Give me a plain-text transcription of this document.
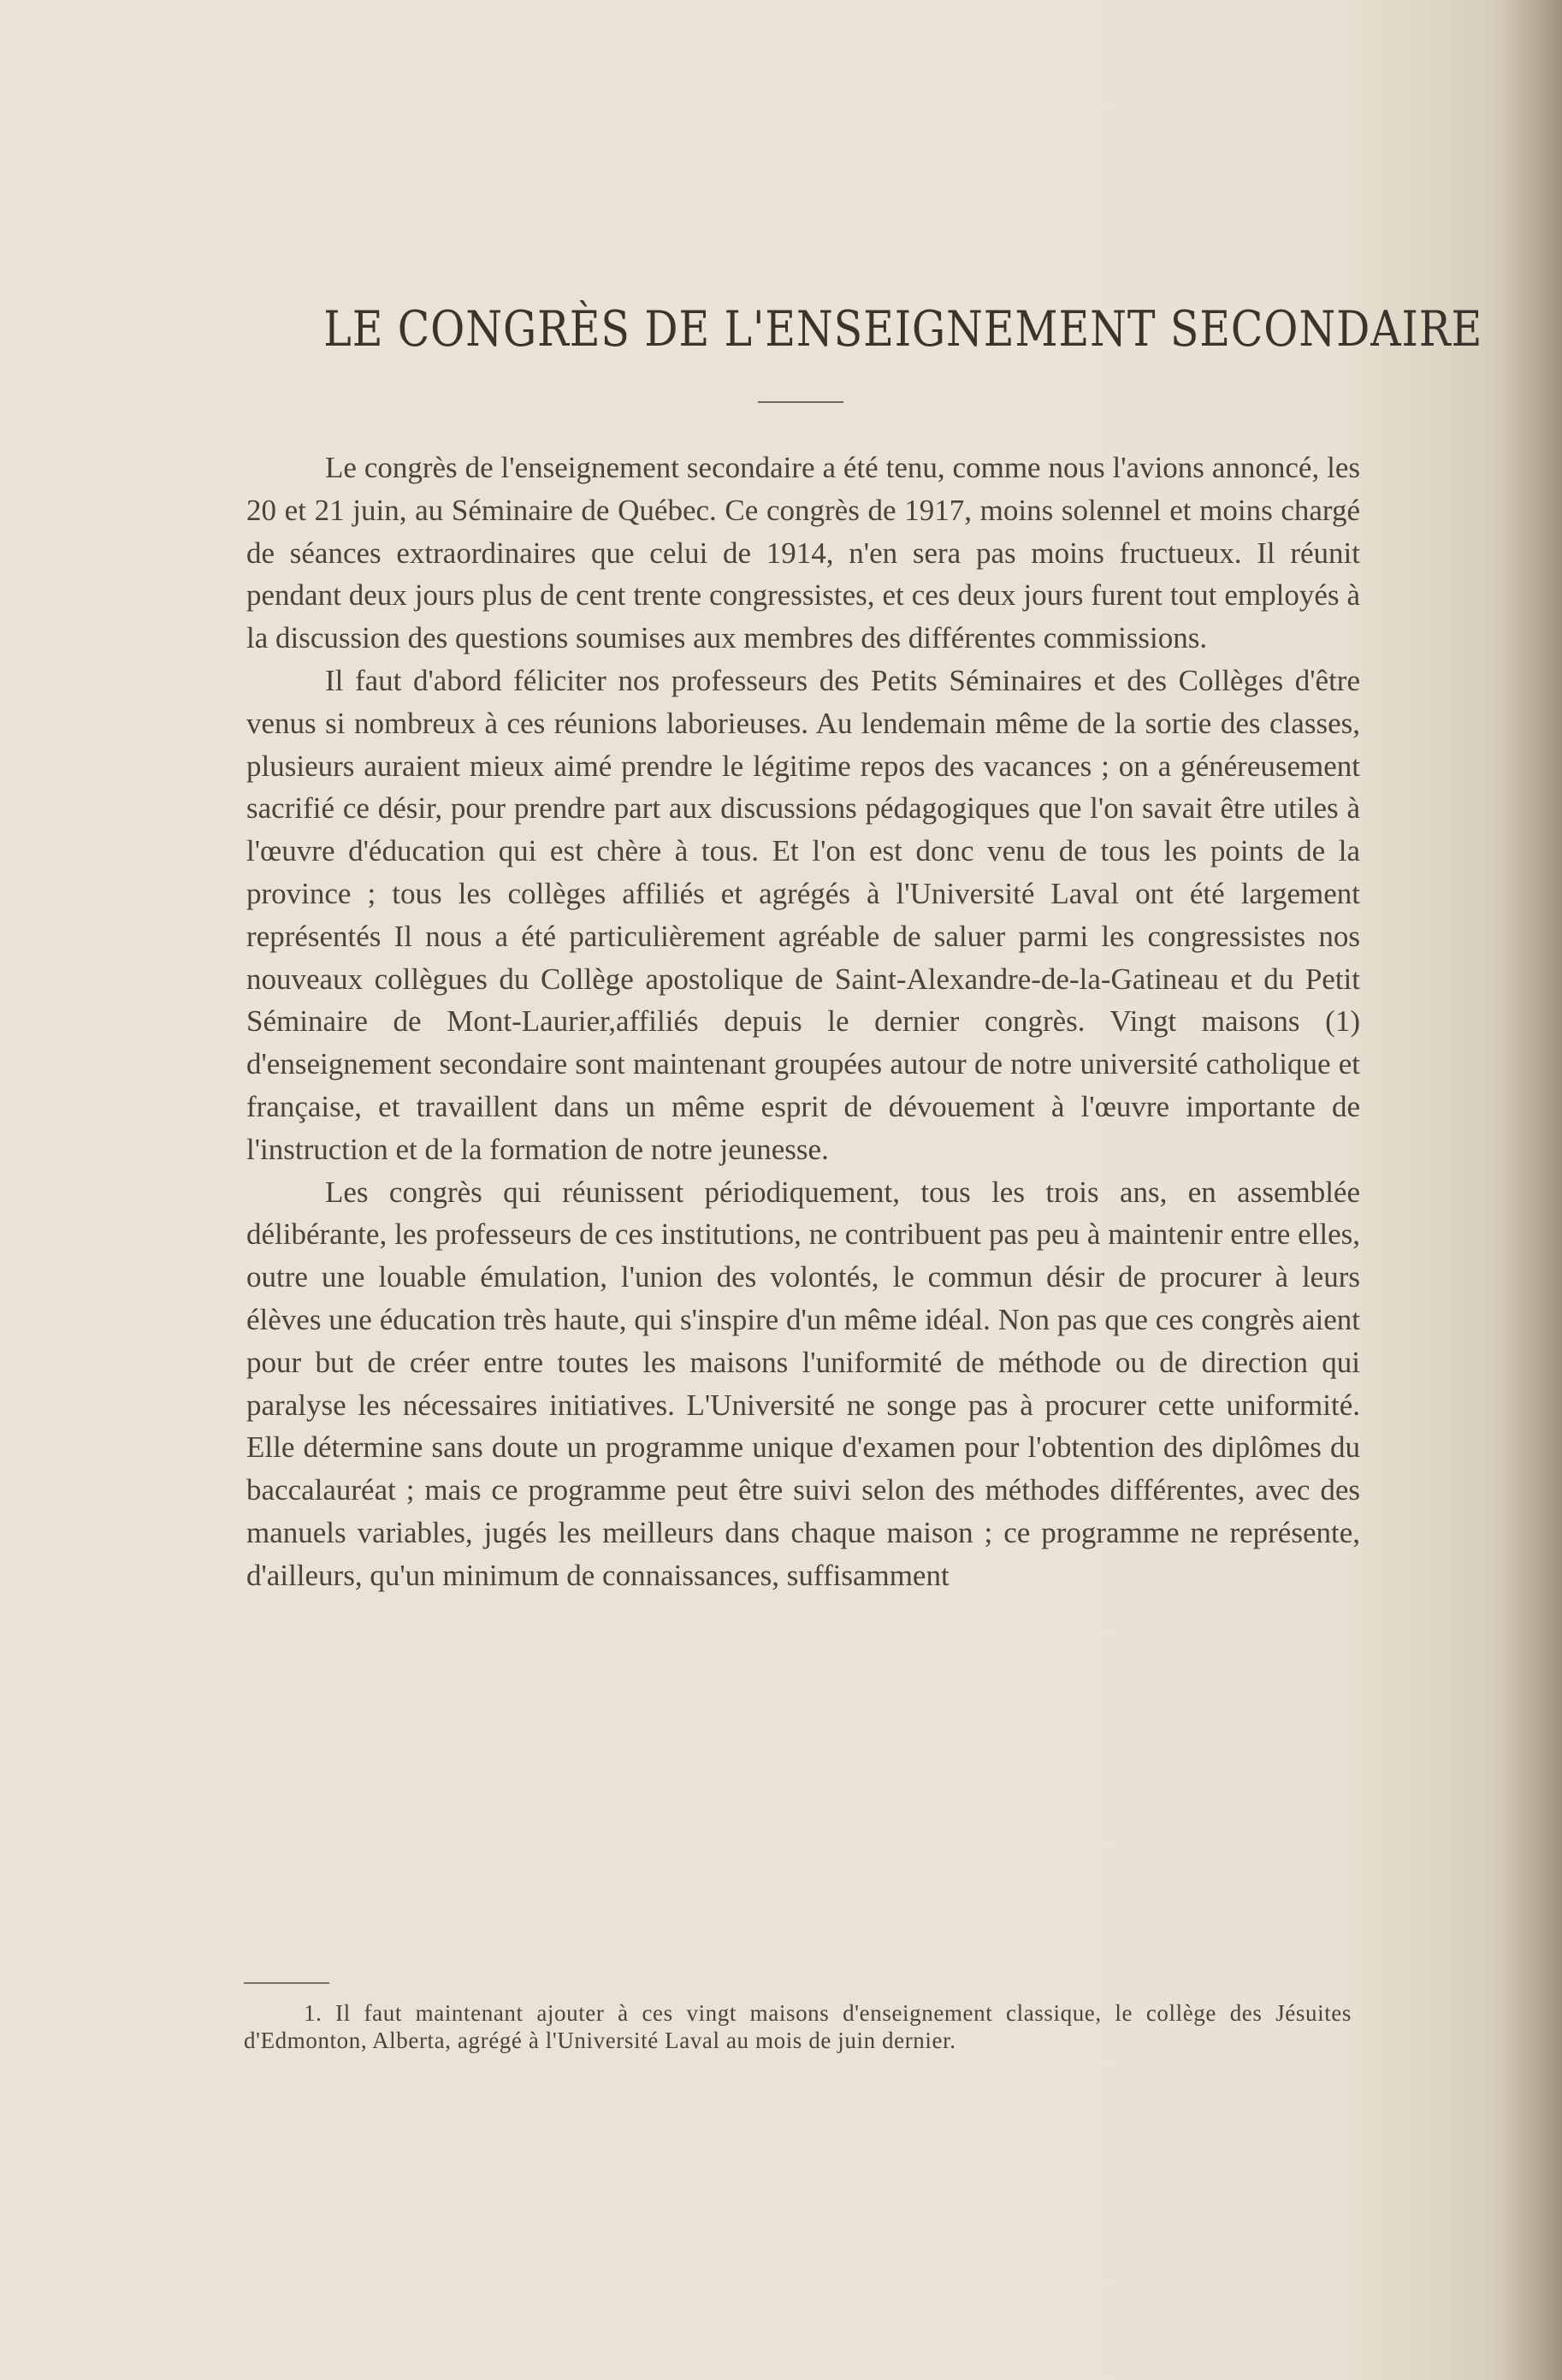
LE CONGRÈS DE L'ENSEIGNEMENT SECONDAIRE

Le congrès de l'enseignement secondaire a été tenu, comme nous l'avions annoncé, les 20 et 21 juin, au Séminaire de Québec. Ce congrès de 1917, moins solennel et moins chargé de séances extraordinaires que celui de 1914, n'en sera pas moins fructueux. Il réunit pendant deux jours plus de cent trente congressistes, et ces deux jours furent tout employés à la discussion des questions soumises aux membres des différentes commissions.

Il faut d'abord féliciter nos professeurs des Petits Séminaires et des Collèges d'être venus si nombreux à ces réunions laborieuses. Au lendemain même de la sortie des classes, plusieurs auraient mieux aimé prendre le légitime repos des vacances ; on a généreusement sacrifié ce désir, pour prendre part aux discussions pédagogiques que l'on savait être utiles à l'œuvre d'éducation qui est chère à tous. Et l'on est donc venu de tous les points de la province ; tous les collèges affiliés et agrégés à l'Université Laval ont été largement représentés Il nous a été particulièrement agréable de saluer parmi les congressistes nos nouveaux collègues du Collège apostolique de Saint-Alexandre-de-la-Gatineau et du Petit Séminaire de Mont-Laurier,affiliés depuis le dernier congrès. Vingt maisons (1) d'enseignement secondaire sont maintenant groupées autour de notre université catholique et française, et travaillent dans un même esprit de dévouement à l'œuvre importante de l'instruction et de la formation de notre jeunesse.

Les congrès qui réunissent périodiquement, tous les trois ans, en assemblée délibérante, les professeurs de ces institutions, ne contribuent pas peu à maintenir entre elles, outre une louable émulation, l'union des volontés, le commun désir de procurer à leurs élèves une éducation très haute, qui s'inspire d'un même idéal. Non pas que ces congrès aient pour but de créer entre toutes les maisons l'uniformité de méthode ou de direction qui paralyse les nécessaires initiatives. L'Université ne songe pas à procurer cette uniformité. Elle détermine sans doute un programme unique d'examen pour l'obtention des diplômes du baccalauréat ; mais ce programme peut être suivi selon des méthodes différentes, avec des manuels variables, jugés les meilleurs dans chaque maison ; ce programme ne représente, d'ailleurs, qu'un minimum de connaissances, suffisamment

1. Il faut maintenant ajouter à ces vingt maisons d'enseignement classique, le collège des Jésuites d'Edmonton, Alberta, agrégé à l'Université Laval au mois de juin dernier.
